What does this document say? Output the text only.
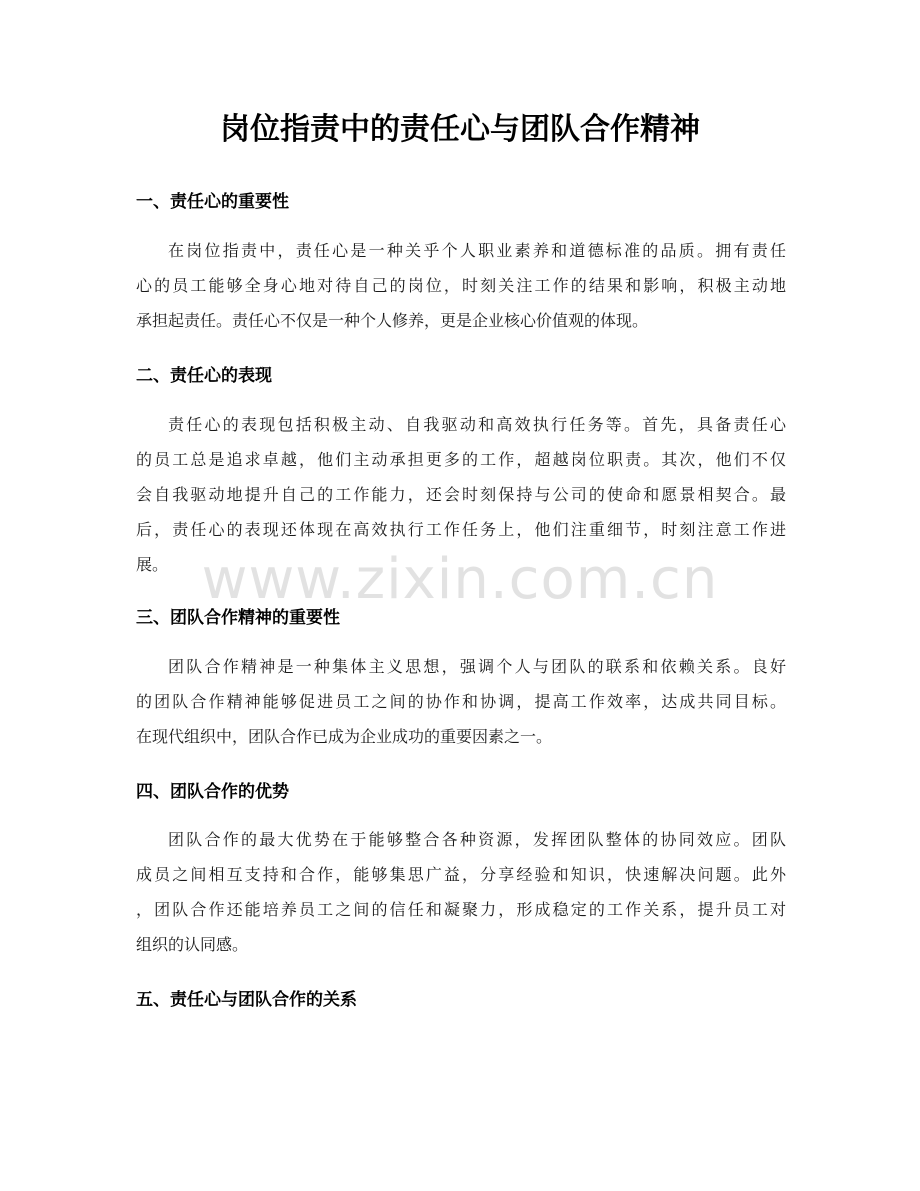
岗位指责中的责任心与团队合作精神
一、责任心的重要性
在岗位指责中，责任心是一种关乎个人职业素养和道德标准的品质。拥有责任
心的员工能够全身心地对待自己的岗位，时刻关注工作的结果和影响，积极主动地
承担起责任。责任心不仅是一种个人修养，更是企业核心价值观的体现。
二、责任心的表现
责任心的表现包括积极主动、自我驱动和高效执行任务等。首先，具备责任心
的员工总是追求卓越，他们主动承担更多的工作，超越岗位职责。其次，他们不仅
会自我驱动地提升自己的工作能力，还会时刻保持与公司的使命和愿景相契合。最
后，责任心的表现还体现在高效执行工作任务上，他们注重细节，时刻注意工作进
展。
三、团队合作精神的重要性
团队合作精神是一种集体主义思想，强调个人与团队的联系和依赖关系。良好
的团队合作精神能够促进员工之间的协作和协调，提高工作效率，达成共同目标。
在现代组织中，团队合作已成为企业成功的重要因素之一。
四、团队合作的优势
团队合作的最大优势在于能够整合各种资源，发挥团队整体的协同效应。团队
成员之间相互支持和合作，能够集思广益，分享经验和知识，快速解决问题。此外
，团队合作还能培养员工之间的信任和凝聚力，形成稳定的工作关系，提升员工对
组织的认同感。
五、责任心与团队合作的关系
www.zixin.com.cn
